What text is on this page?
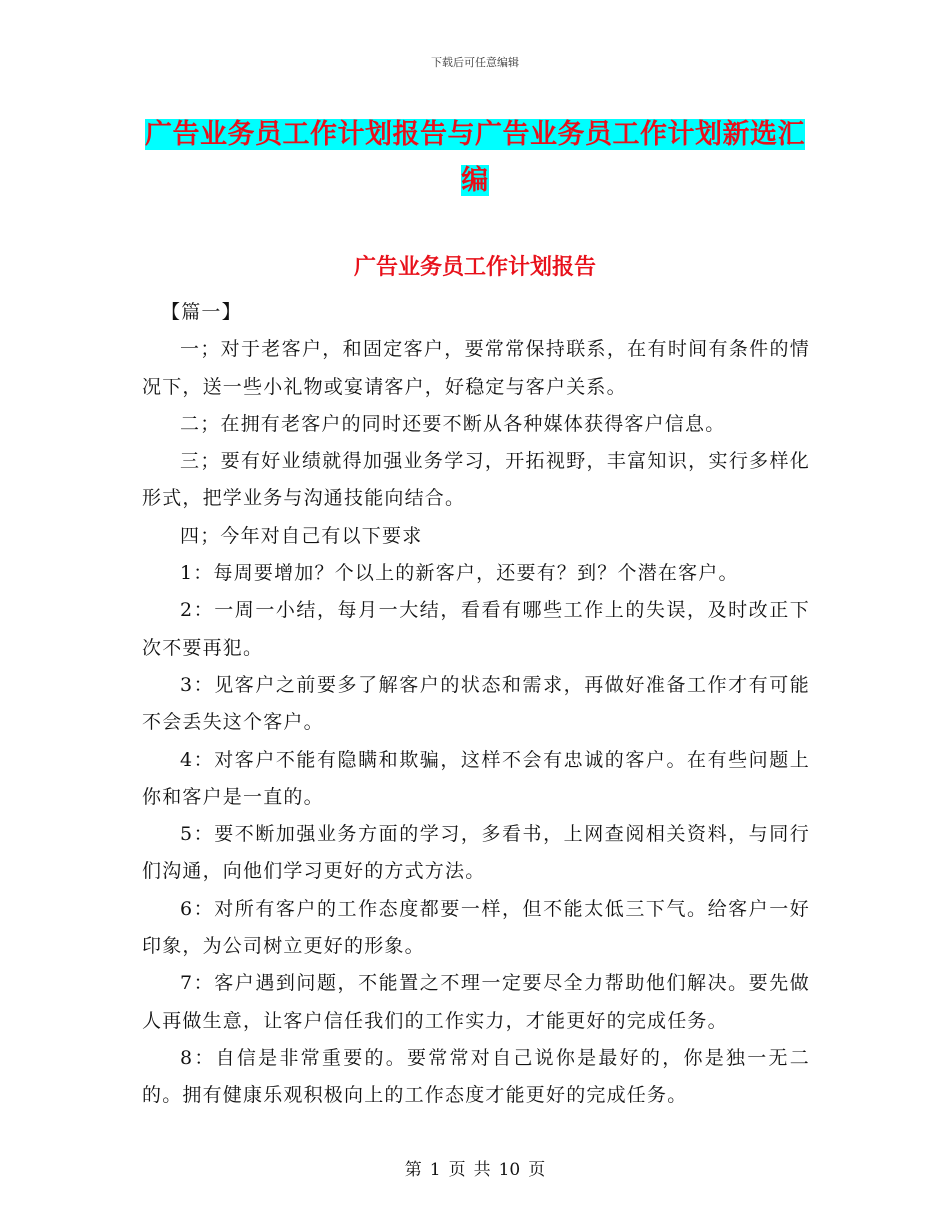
下载后可任意编辑
广告业务员工作计划报告与广告业务员工作计划新选汇编
广告业务员工作计划报告

【篇一】

一；对于老客户，和固定客户，要常常保持联系，在有时间有条件的情况下，送一些小礼物或宴请客户，好稳定与客户关系。

二；在拥有老客户的同时还要不断从各种媒体获得客户信息。

三；要有好业绩就得加强业务学习，开拓视野，丰富知识，实行多样化形式，把学业务与沟通技能向结合。

四；今年对自己有以下要求

1：每周要增加？个以上的新客户，还要有？到？个潜在客户。

2：一周一小结，每月一大结，看看有哪些工作上的失误，及时改正下次不要再犯。

3：见客户之前要多了解客户的状态和需求，再做好准备工作才有可能不会丢失这个客户。

4：对客户不能有隐瞒和欺骗，这样不会有忠诚的客户。在有些问题上你和客户是一直的。

5：要不断加强业务方面的学习，多看书，上网查阅相关资料，与同行们沟通，向他们学习更好的方式方法。

6：对所有客户的工作态度都要一样，但不能太低三下气。给客户一好印象，为公司树立更好的形象。

7：客户遇到问题，不能置之不理一定要尽全力帮助他们解决。要先做人再做生意，让客户信任我们的工作实力，才能更好的完成任务。

8：自信是非常重要的。要常常对自己说你是最好的，你是独一无二的。拥有健康乐观积极向上的工作态度才能更好的完成任务。

第 1 页 共 10 页
